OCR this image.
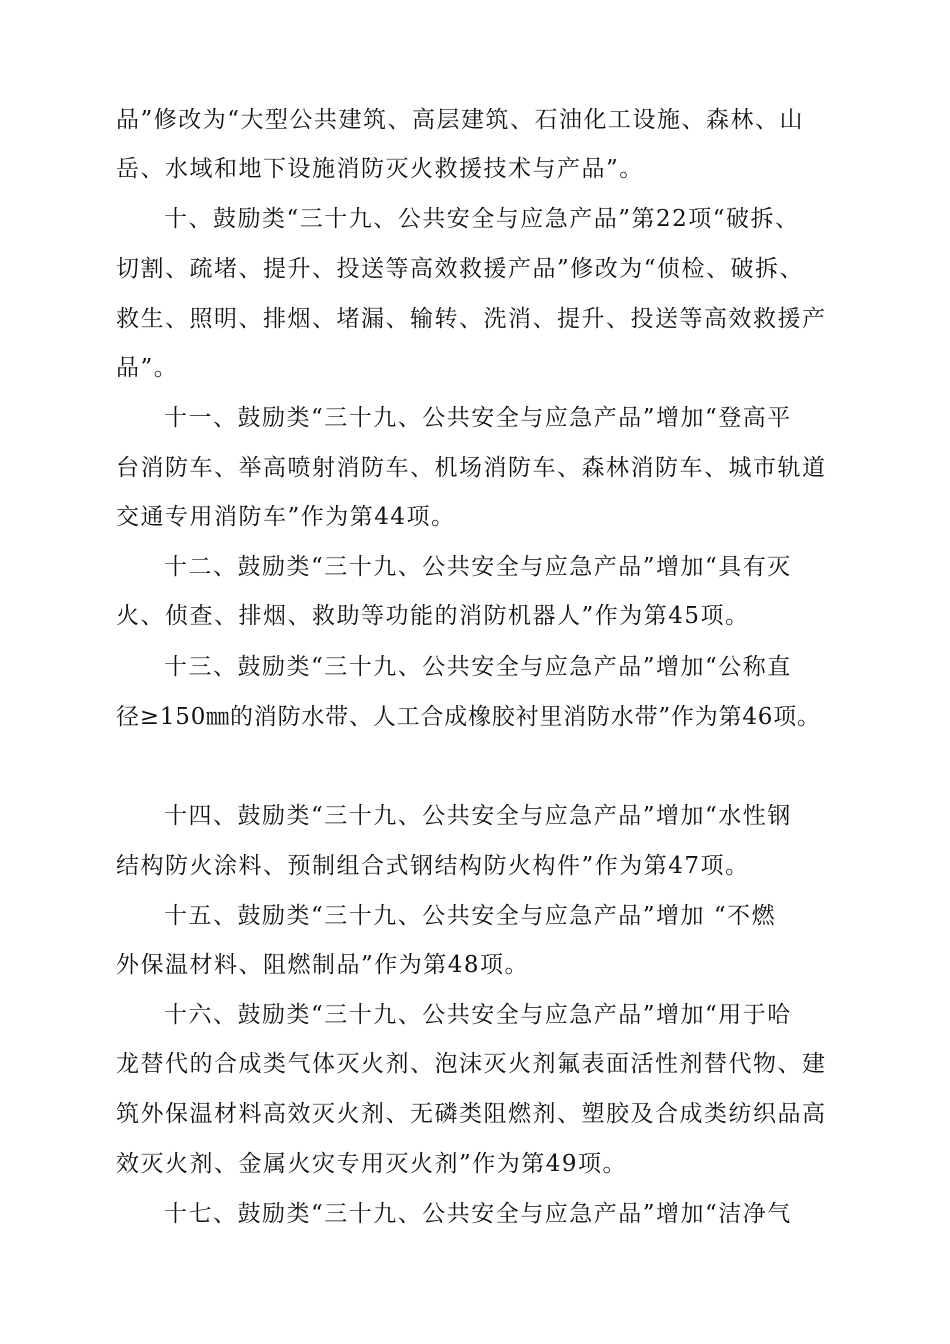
品”修改为“大型公共建筑、高层建筑、石油化工设施、森林、山
岳、水域和地下设施消防灭火救援技术与产品”。
十、鼓励类“三十九、公共安全与应急产品”第22项“破拆、
切割、疏堵、提升、投送等高效救援产品”修改为“侦检、破拆、
救生、照明、排烟、堵漏、输转、洗消、提升、投送等高效救援产
品”。
十一、鼓励类“三十九、公共安全与应急产品”增加“登高平
台消防车、举高喷射消防车、机场消防车、森林消防车、城市轨道
交通专用消防车”作为第44项。
十二、鼓励类“三十九、公共安全与应急产品”增加“具有灭
火、侦查、排烟、救助等功能的消防机器人”作为第45项。
十三、鼓励类“三十九、公共安全与应急产品”增加“公称直
径≥150㎜的消防水带、人工合成橡胶衬里消防水带”作为第46项。
十四、鼓励类“三十九、公共安全与应急产品”增加“水性钢
结构防火涂料、预制组合式钢结构防火构件”作为第47项。
十五、鼓励类“三十九、公共安全与应急产品”增加 “不燃
外保温材料、阻燃制品”作为第48项。
十六、鼓励类“三十九、公共安全与应急产品”增加“用于哈
龙替代的合成类气体灭火剂、泡沫灭火剂氟表面活性剂替代物、建
筑外保温材料高效灭火剂、无磷类阻燃剂、塑胶及合成类纺织品高
效灭火剂、金属火灾专用灭火剂”作为第49项。
十七、鼓励类“三十九、公共安全与应急产品”增加“洁净气
